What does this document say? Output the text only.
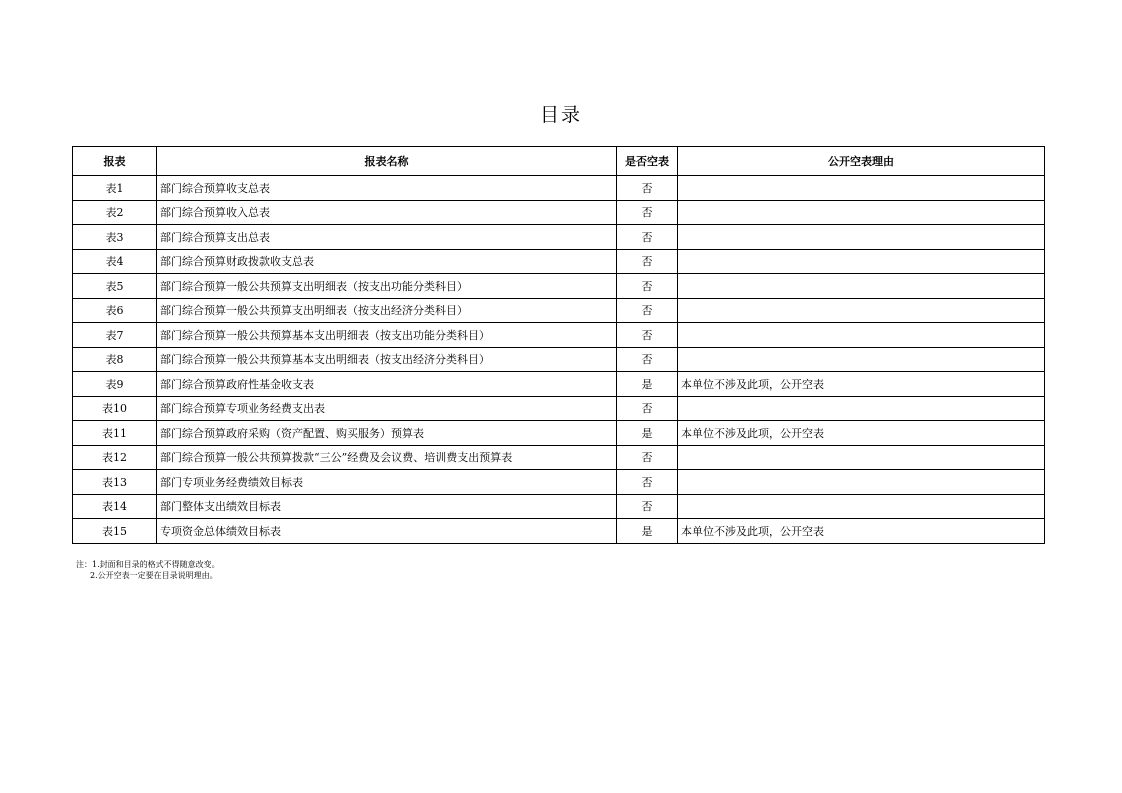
目录
报表	报表名称	是否空表	公开空表理由
表1	部门综合预算收支总表	否	
表2	部门综合预算收入总表	否	
表3	部门综合预算支出总表	否	
表4	部门综合预算财政拨款收支总表	否	
表5	部门综合预算一般公共预算支出明细表（按支出功能分类科目）	否	
表6	部门综合预算一般公共预算支出明细表（按支出经济分类科目）	否	
表7	部门综合预算一般公共预算基本支出明细表（按支出功能分类科目）	否	
表8	部门综合预算一般公共预算基本支出明细表（按支出经济分类科目）	否	
表9	部门综合预算政府性基金收支表	是	本单位不涉及此项，公开空表
表10	部门综合预算专项业务经费支出表	否	
表11	部门综合预算政府采购（资产配置、购买服务）预算表	是	本单位不涉及此项，公开空表
表12	部门综合预算一般公共预算拨款“三公”经费及会议费、培训费支出预算表	否	
表13	部门专项业务经费绩效目标表	否	
表14	部门整体支出绩效目标表	否	
表15	专项资金总体绩效目标表	是	本单位不涉及此项，公开空表
注：1.封面和目录的格式不得随意改变。
2.公开空表一定要在目录说明理由。
